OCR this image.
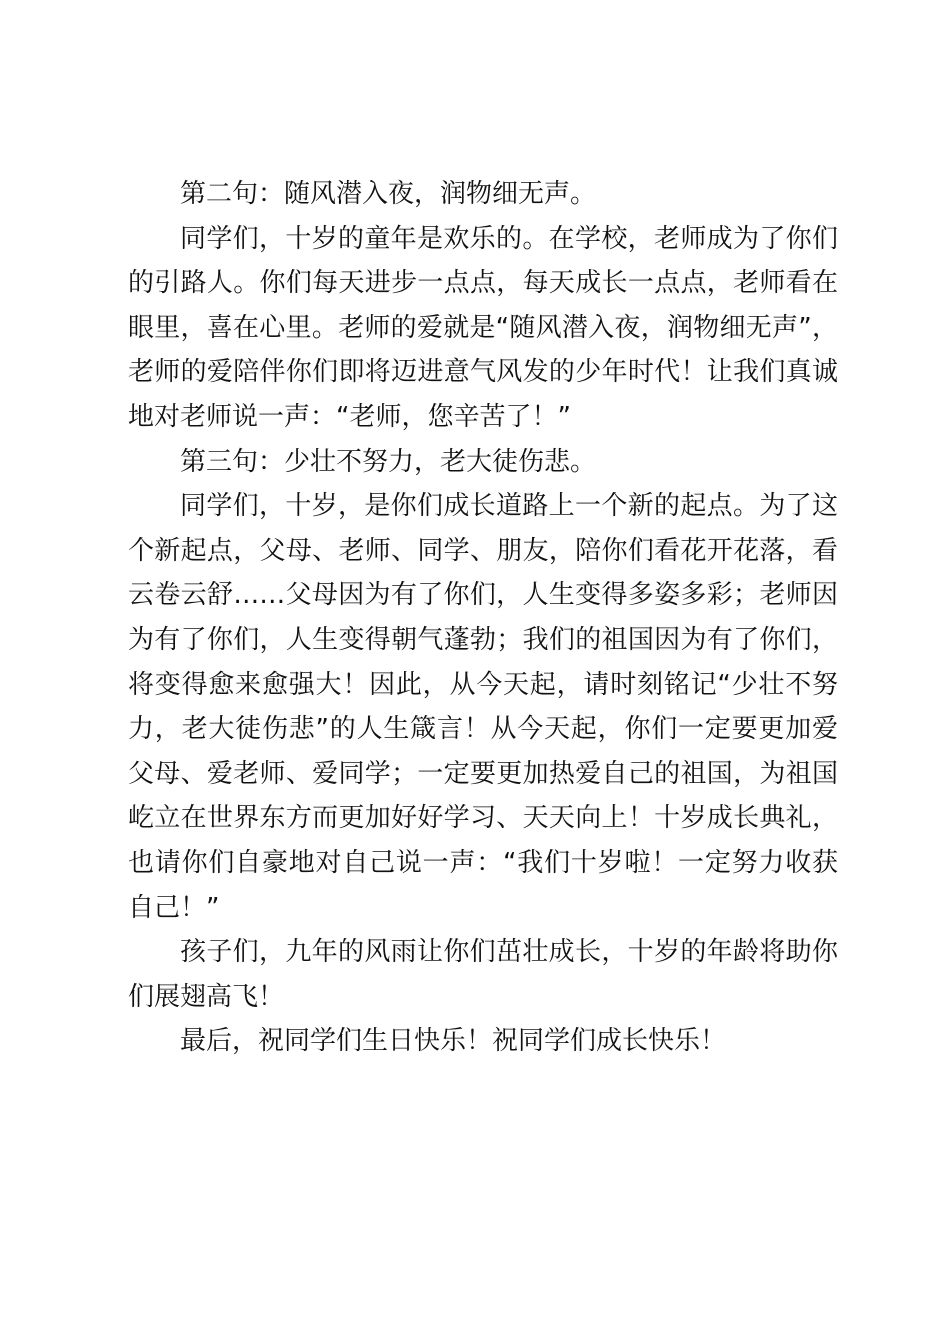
第二句：随风潜入夜，润物细无声。

同学们，十岁的童年是欢乐的。在学校，老师成为了你们的引路人。你们每天进步一点点，每天成长一点点，老师看在眼里，喜在心里。老师的爱就是“随风潜入夜，润物细无声”，老师的爱陪伴你们即将迈进意气风发的少年时代！让我们真诚地对老师说一声：“老师，您辛苦了！”

第三句：少壮不努力，老大徒伤悲。

同学们，十岁，是你们成长道路上一个新的起点。为了这个新起点，父母、老师、同学、朋友，陪你们看花开花落，看云卷云舒……父母因为有了你们，人生变得多姿多彩；老师因为有了你们，人生变得朝气蓬勃；我们的祖国因为有了你们，将变得愈来愈强大！因此，从今天起，请时刻铭记“少壮不努力，老大徒伤悲”的人生箴言！从今天起，你们一定要更加爱父母、爱老师、爱同学；一定要更加热爱自己的祖国，为祖国屹立在世界东方而更加好好学习、天天向上！十岁成长典礼，也请你们自豪地对自己说一声：“我们十岁啦！一定努力收获自己！”

孩子们，九年的风雨让你们茁壮成长，十岁的年龄将助你们展翅高飞！

最后，祝同学们生日快乐！祝同学们成长快乐！
